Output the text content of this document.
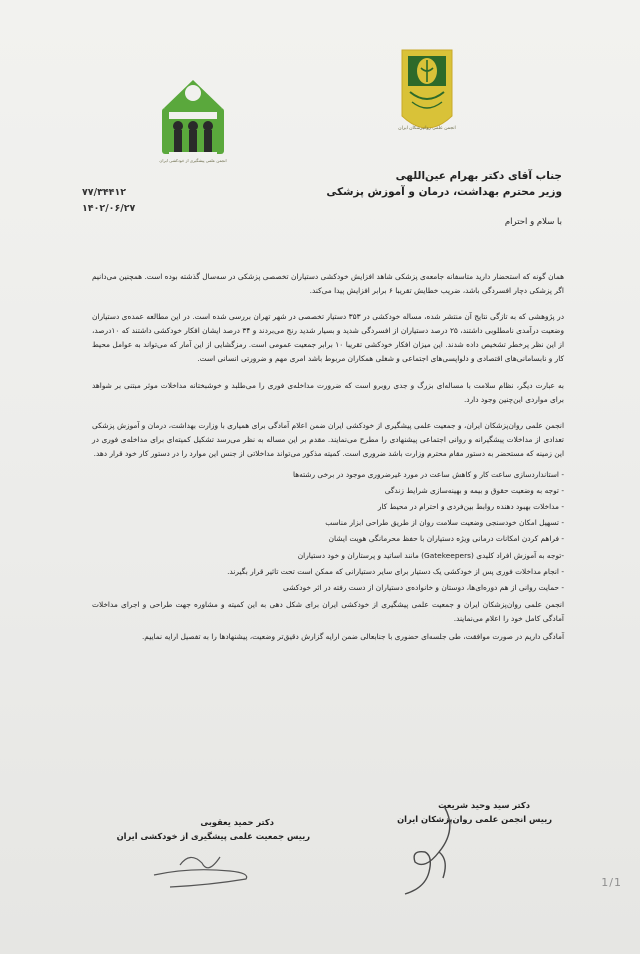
انجمن علمی پیشگیری از خودکشی ایران
انجمن علمی روانپزشکان ایران
جناب آقای دکتر بهرام عین‌اللهی
وزیر محترم بهداشت، درمان و آموزش پزشکی
۷۷/۳۴۴۱۲
۱۴۰۲/۰۶/۲۷
با سلام و احترام

همان گونه که استحضار دارید متاسفانه جامعه‌ی پزشکی شاهد افزایش خودکشی دستیاران تخصصی پزشکی در سه‌سال گذشته بوده است. همچنین می‌دانیم اگر پزشکی دچار افسردگی باشد، ضریب خطایش تقریبا ۶ برابر افزایش پیدا می‌کند.

در پژوهشی که به تازگی نتایج آن منتشر شده، مساله خودکشی در ۳۵۳ دستیار تخصصی در شهر تهران بررسی شده است. در این مطالعه عمده‌ی دستیاران وضعیت درآمدی نامطلوبی داشتند، ۲۵ درصد دستیاران از افسردگی شدید و بسیار شدید رنج می‌بردند و ۳۴ درصد ایشان افکار خودکشی داشتند که ۱۰درصد، از این نظر پرخطر تشخیص داده شدند. این میزان افکار خودکشی تقریبا ۱۰ برابر جمعیت عمومی است. رمزگشایی از این آمار که می‌تواند به عوامل محیط کار و نابسامانی‌های اقتصادی و دلواپسی‌های اجتماعی و شغلی همکاران مربوط باشد امری مهم و ضرورتی انسانی است.

به عبارت دیگر، نظام سلامت با مساله‌ای بزرگ و جدی روبرو است که ضرورت مداخله‌ی فوری را می‌طلبد و خوشبختانه مداخلات موثر مبتنی بر شواهد برای مواردی این‌چنین وجود دارد.

انجمن علمی روان‌پزشکان ایران، و جمعیت علمی پیشگیری از خودکشی ایران ضمن اعلام آمادگی برای همیاری با وزارت بهداشت، درمان و آموزش پزشکی تعدادی از مداخلات پیشگیرانه و روانی اجتماعی پیشنهادی را مطرح می‌نمایند. مقدم بر این مساله به نظر می‌رسد تشکیل کمیته‌ای برای مداخله‌ی فوری در این زمینه که مستحضر به دستور مقام محترم وزارت باشد ضروری است. کمیته مذکور می‌تواند مداخلاتی از جنس این موارد را در دستور کار خود قرار دهد.

- استانداردسازی ساعت کار و کاهش ساعت در مورد غیرضروری موجود در برخی رشته‌ها
- توجه به وضعیت حقوق و بیمه و بهینه‌سازی شرایط زندگی
- مداخلات بهبود دهنده روابط بین‌فردی و احترام در محیط کار
- تسهیل امکان خودسنجی وضعیت سلامت روان از طریق طراحی ابزار مناسب
- فراهم کردن امکانات درمانی ویژه دستیاران با حفظ محرمانگی هویت ایشان
-توجه به آموزش افراد کلیدی (Gatekeepers) مانند اساتید و پرستاران و خود دستیاران
- انجام مداخلات فوری پس از خودکشی یک دستیار برای سایر دستیارانی که ممکن است تحت تاثیر قرار بگیرند.
- حمایت روانی از هم دوره‌ای‌ها، دوستان و خانواده‌ی دستیاران از دست رفته در اثر خودکشی

انجمن علمی روان‌پزشکان ایران و جمعیت علمی پیشگیری از خودکشی ایران برای شکل دهی به این کمیته و مشاوره جهت طراحی و اجرای مداخلات آمادگی کامل خود را اعلام می‌نمایند.

آمادگی داریم در صورت موافقت، طی جلسه‌ای حضوری با جنابعالی ضمن ارایه گزارش دقیق‌تر وضعیت، پیشنهادها را به تفصیل ارایه نماییم.

دکتر سید وحید شریعت
رییس انجمن علمی روان‌پزشکان ایران
دکتر حمید یعقوبی
رییس جمعیت علمی پیشگیری از خودکشی ایران
1/1
